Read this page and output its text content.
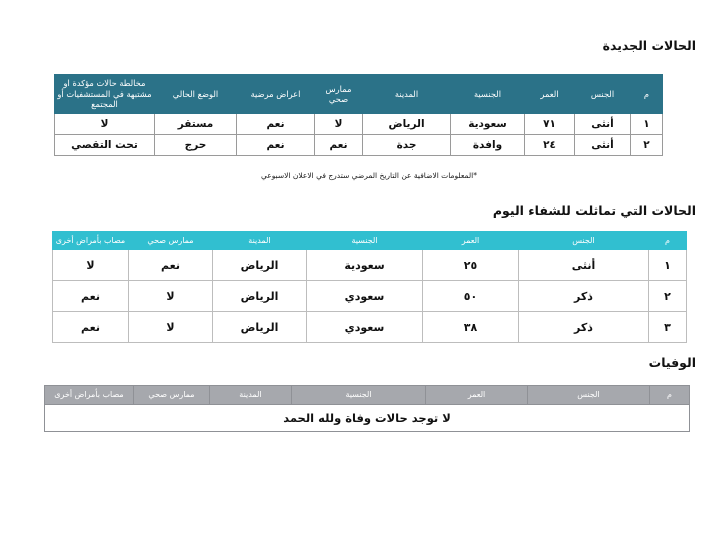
الحالات الجديدة
م	الجنس	العمر	الجنسية	المدينة	ممارس صحي	اعراض مرضية	الوضع الحالي	مخالطة حالات مؤكدة او مشتبهة في المستشفيات أو المجتمع
١	أنثى	٧١	سعودية	الرياض	لا	نعم	مستقر	لا
٢	أنثى	٢٤	وافدة	جدة	نعم	نعم	حرج	تحت التقصي
*المعلومات الاضافية عن التاريخ المرضي ستدرج في الاعلان الاسبوعي
الحالات التي تماثلت للشفاء اليوم
م	الجنس	العمر	الجنسية	المدينة	ممارس صحي	مصاب بأمراض أخرى
١	أنثى	٢٥	سعودية	الرياض	نعم	لا
٢	ذكر	٥٠	سعودي	الرياض	لا	نعم
٣	ذكر	٣٨	سعودي	الرياض	لا	نعم
الوفيات
م	الجنس	العمر	الجنسية	المدينة	ممارس صحي	مصاب بأمراض أخرى
لا توجد حالات وفاة ولله الحمد
